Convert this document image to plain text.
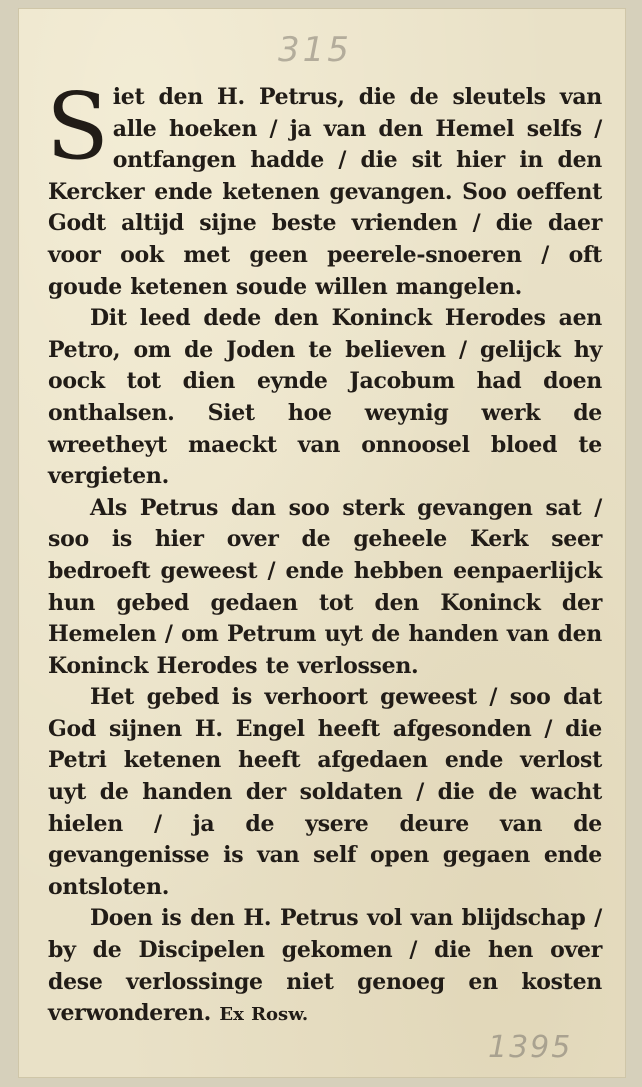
315

Siet den H. Petrus, die de sleutels van alle hoeken / ja van den Hemel selfs / ontfangen hadde / die sit hier in den Kercker ende ketenen gevangen. Soo oeffent Godt altijd sijne beste vrienden / die daer voor ook met geen peerele-snoeren / oft goude ketenen soude willen mangelen.

Dit leed dede den Koninck Herodes aen Petro, om de Joden te believen / gelijck hy oock tot dien eynde Jacobum had doen onthalsen. Siet hoe weynig werk de wreetheyt maeckt van onnoosel bloed te vergieten.

Als Petrus dan soo sterk gevangen sat / soo is hier over de geheele Kerk seer bedroeft geweest / ende hebben eenpaerlijck hun gebed gedaen tot den Koninck der Hemelen / om Petrum uyt de handen van den Koninck Herodes te verlossen.

Het gebed is verhoort geweest / soo dat God sijnen H. Engel heeft afgesonden / die Petri ketenen heeft afgedaen ende verlost uyt de handen der soldaten / die de wacht hielen / ja de ysere deure van de gevangenisse is van self open gegaen ende ontsloten.

Doen is den H. Petrus vol van blijdschap / by de Discipelen gekomen / die hen over dese verlossinge niet genoeg en kosten verwonderen. Ex Rosw.

1395
